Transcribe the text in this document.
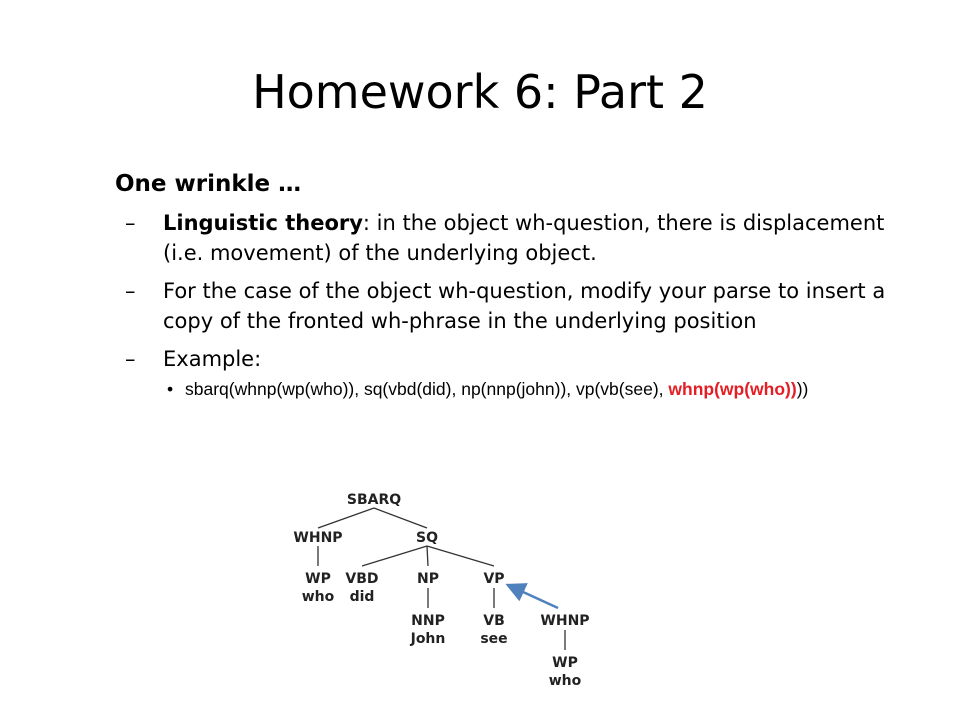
Homework 6: Part 2
One wrinkle …
– Linguistic theory: in the object wh-question, there is displacement (i.e. movement) of the underlying object.
– For the case of the object wh-question, modify your parse to insert a copy of the fronted wh-phrase in the underlying position
– Example:
• sbarq(whnp(wp(who)), sq(vbd(did), np(nnp(john)), vp(vb(see), whnp(wp(who))))
SBARQ
WHNP	SQ
WP
who
VBD
did
NP
NNP
John
VP
VB
see
WHNP
WP
who
